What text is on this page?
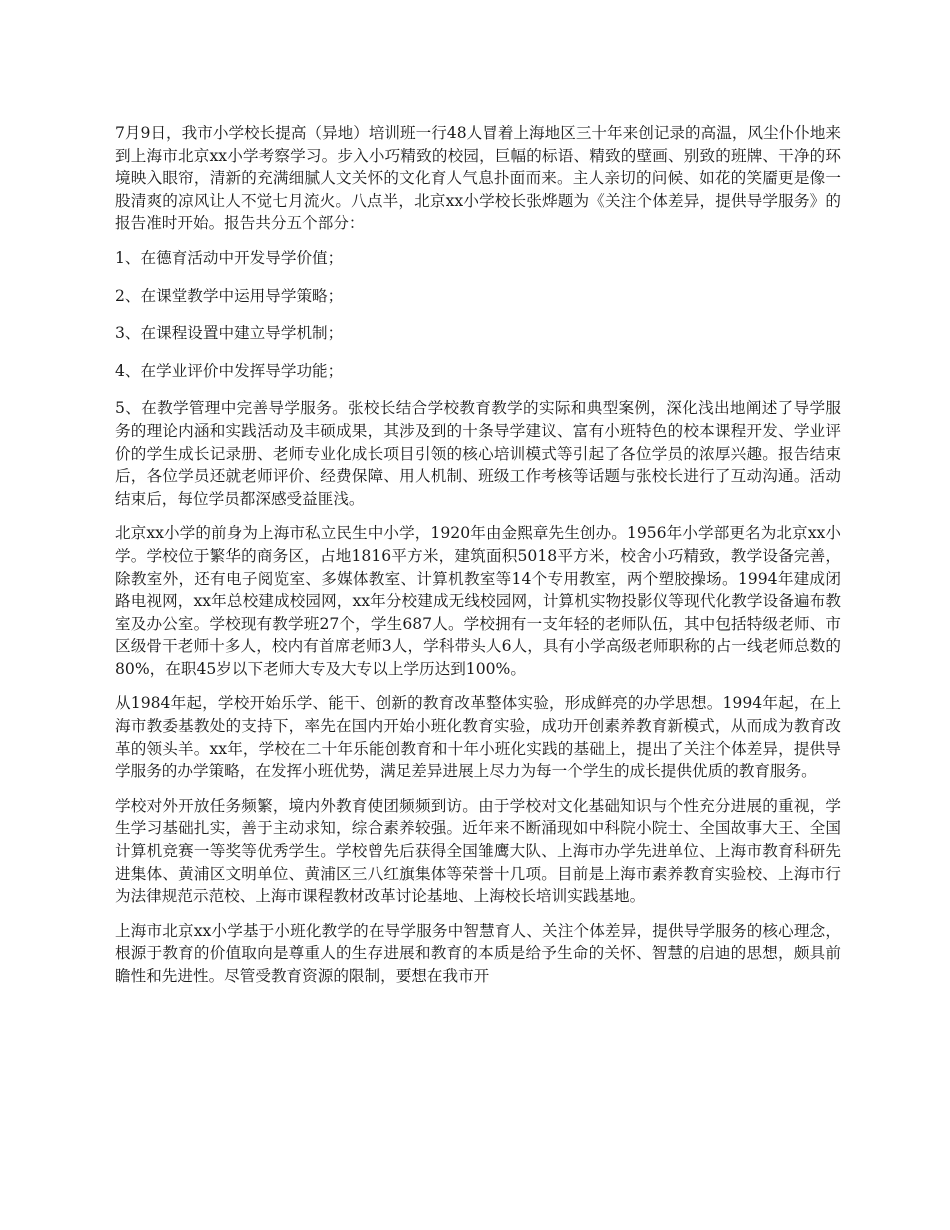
7月9日，我市小学校长提高（异地）培训班一行48人冒着上海地区三十年来创记录的高温，风尘仆仆地来到上海市北京xx小学考察学习。步入小巧精致的校园，巨幅的标语、精致的壁画、别致的班牌、干净的环境映入眼帘，清新的充满细腻人文关怀的文化育人气息扑面而来。主人亲切的问候、如花的笑靥更是像一股清爽的凉风让人不觉七月流火。八点半，北京xx小学校长张烨题为《关注个体差异，提供导学服务》的报告准时开始。报告共分五个部分：

1、在德育活动中开发导学价值；

2、在课堂教学中运用导学策略；

3、在课程设置中建立导学机制；

4、在学业评价中发挥导学功能；

5、在教学管理中完善导学服务。张校长结合学校教育教学的实际和典型案例，深化浅出地阐述了导学服务的理论内涵和实践活动及丰硕成果，其涉及到的十条导学建议、富有小班特色的校本课程开发、学业评价的学生成长记录册、老师专业化成长项目引领的核心培训模式等引起了各位学员的浓厚兴趣。报告结束后，各位学员还就老师评价、经费保障、用人机制、班级工作考核等话题与张校长进行了互动沟通。活动结束后，每位学员都深感受益匪浅。

北京xx小学的前身为上海市私立民生中小学，1920年由金熙章先生创办。1956年小学部更名为北京xx小学。学校位于繁华的商务区，占地1816平方米，建筑面积5018平方米，校舍小巧精致，教学设备完善，除教室外，还有电子阅览室、多媒体教室、计算机教室等14个专用教室，两个塑胶操场。1994年建成闭路电视网，xx年总校建成校园网，xx年分校建成无线校园网，计算机实物投影仪等现代化教学设备遍布教室及办公室。学校现有教学班27个，学生687人。学校拥有一支年轻的老师队伍，其中包括特级老师、市区级骨干老师十多人，校内有首席老师3人，学科带头人6人，具有小学高级老师职称的占一线老师总数的80%，在职45岁以下老师大专及大专以上学历达到100%。

从1984年起，学校开始乐学、能干、创新的教育改革整体实验，形成鲜亮的办学思想。1994年起，在上海市教委基教处的支持下，率先在国内开始小班化教育实验，成功开创素养教育新模式，从而成为教育改革的领头羊。xx年，学校在二十年乐能创教育和十年小班化实践的基础上，提出了关注个体差异，提供导学服务的办学策略，在发挥小班优势，满足差异进展上尽力为每一个学生的成长提供优质的教育服务。

学校对外开放任务频繁，境内外教育使团频频到访。由于学校对文化基础知识与个性充分进展的重视，学生学习基础扎实，善于主动求知，综合素养较强。近年来不断涌现如中科院小院士、全国故事大王、全国计算机竞赛一等奖等优秀学生。学校曾先后获得全国雏鹰大队、上海市办学先进单位、上海市教育科研先进集体、黄浦区文明单位、黄浦区三八红旗集体等荣誉十几项。目前是上海市素养教育实验校、上海市行为法律规范示范校、上海市课程教材改革讨论基地、上海校长培训实践基地。

上海市北京xx小学基于小班化教学的在导学服务中智慧育人、关注个体差异，提供导学服务的核心理念，根源于教育的价值取向是尊重人的生存进展和教育的本质是给予生命的关怀、智慧的启迪的思想，颇具前瞻性和先进性。尽管受教育资源的限制，要想在我市开
